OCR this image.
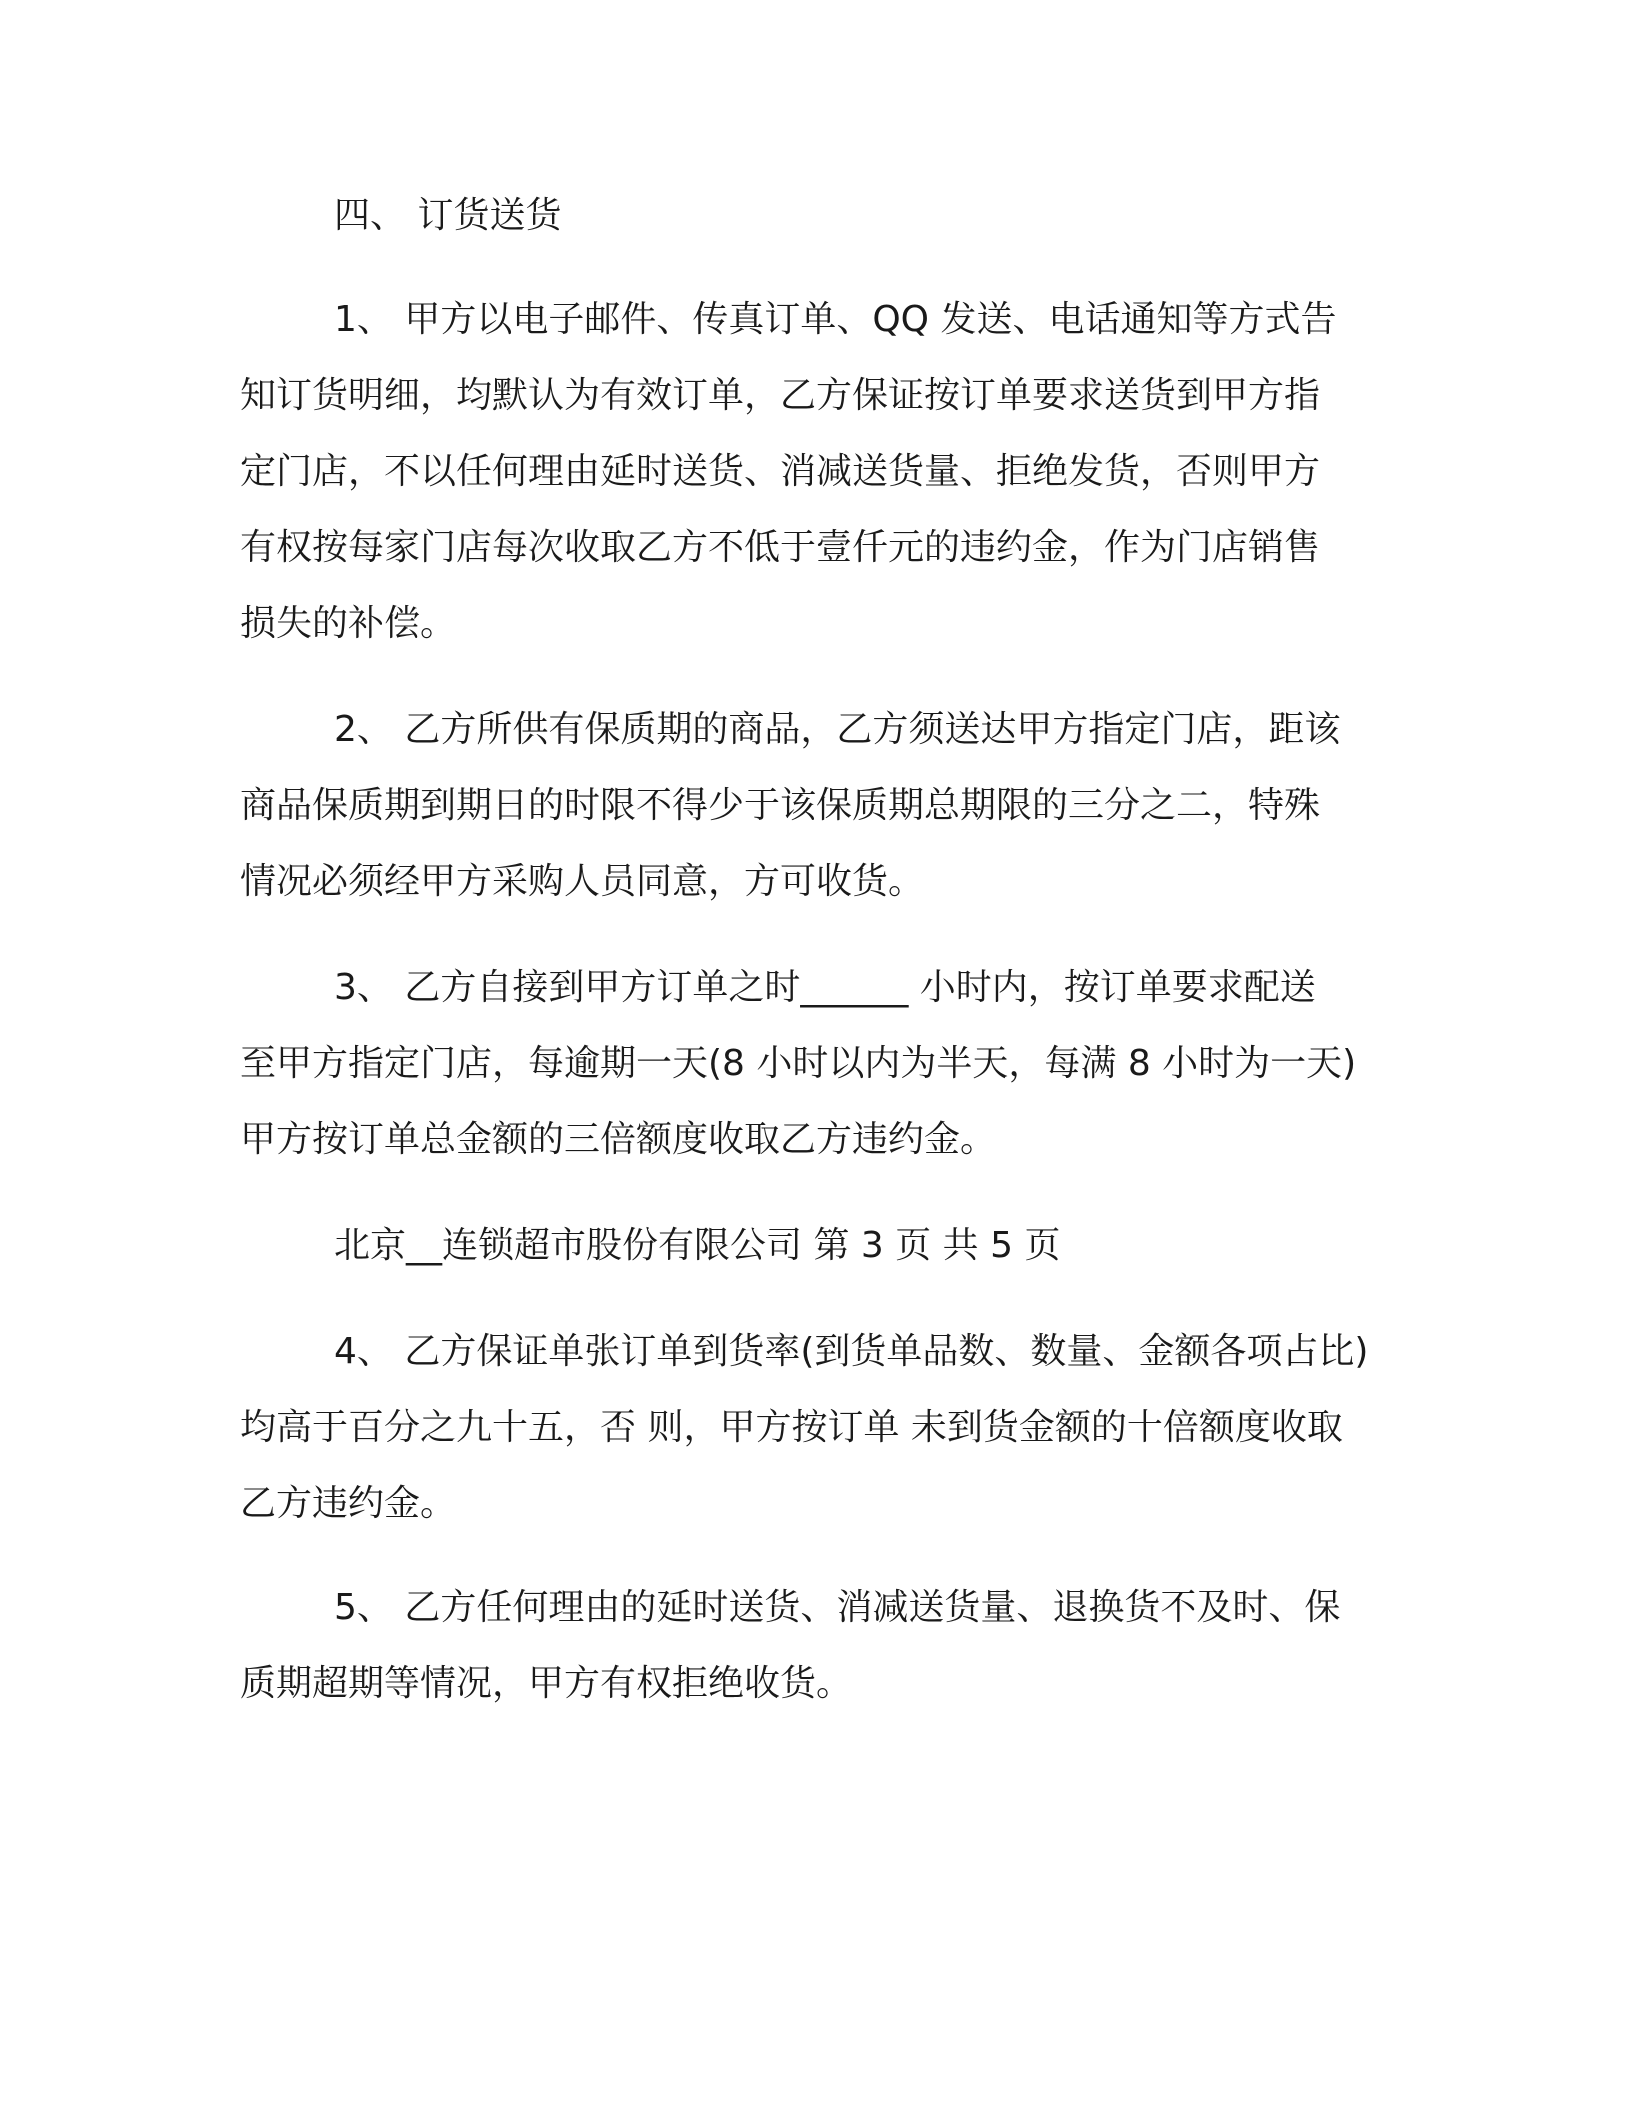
四、 订货送货

1、 甲方以电子邮件、传真订单、QQ 发送、电话通知等方式告

知订货明细，均默认为有效订单，乙方保证按订单要求送货到甲方指

定门店，不以任何理由延时送货、消减送货量、拒绝发货，否则甲方

有权按每家门店每次收取乙方不低于壹仟元的违约金，作为门店销售

损失的补偿。

2、 乙方所供有保质期的商品，乙方须送达甲方指定门店，距该

商品保质期到期日的时限不得少于该保质期总期限的三分之二，特殊

情况必须经甲方采购人员同意，方可收货。

3、 乙方自接到甲方订单之时______ 小时内，按订单要求配送

至甲方指定门店，每逾期一天(8 小时以内为半天，每满 8 小时为一天)

甲方按订单总金额的三倍额度收取乙方违约金。

北京__连锁超市股份有限公司 第 3 页 共 5 页

4、 乙方保证单张订单到货率(到货单品数、数量、金额各项占比)

均高于百分之九十五，否 则，甲方按订单 未到货金额的十倍额度收取

乙方违约金。

5、 乙方任何理由的延时送货、消减送货量、退换货不及时、保

质期超期等情况，甲方有权拒绝收货。
